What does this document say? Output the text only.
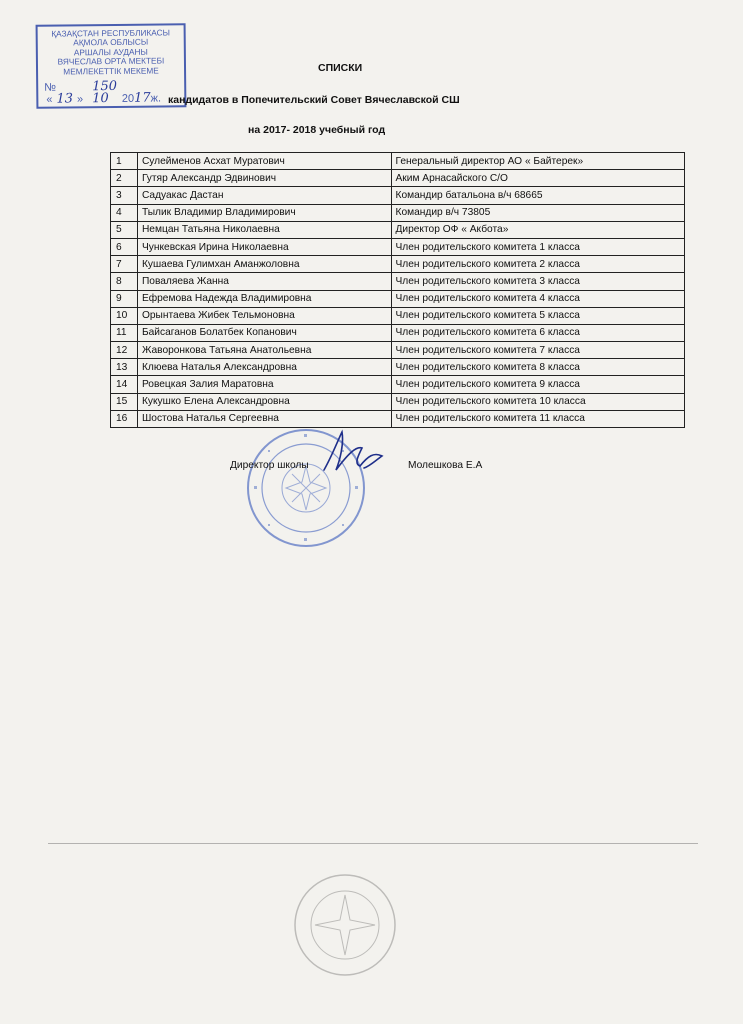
ҚАЗАҚСТАН РЕСПУБЛИКАСЫ
АҚМОЛА ОБЛЫСЫ
АРШАЛЫ АУДАНЫ
ВЯЧЕСЛАВ ОРТА МЕКТЕБІ
МЕМЛЕКЕТТІК МЕКЕМЕ
№	150
« 13 » 10 2017ж.
СПИСКИ
кандидатов в Попечительский Совет Вячеславской СШ
на 2017- 2018 учебный год
1	Сулейменов Асхат Муратович	Генеральный директор АО « Байтерек»
2	Гутяр Александр Эдвинович	Аким Арнасайского С/О
3	Садуакас Дастан	Командир батальона в/ч 68665
4	Тылик Владимир Владимирович	Командир в/ч 73805
5	Немцан Татьяна Николаевна	Директор ОФ « Акбота»
6	Чункевская Ирина Николаевна	Член родительского комитета 1 класса
7	Кушаева Гулимхан Аманжоловна	Член родительского комитета 2 класса
8	Поваляева Жанна	Член родительского комитета 3 класса
9	Ефремова Надежда Владимировна	Член родительского комитета 4 класса
10	Орынтаева Жибек Тельмоновна	Член родительского комитета 5 класса
11	Байсаганов Болатбек Копанович	Член родительского комитета 6 класса
12	Жаворонкова Татьяна Анатольевна	Член родительского комитета 7 класса
13	Клюева Наталья Александровна	Член родительского комитета 8 класса
14	Ровецкая Залия Маратовна	Член родительского комитета 9 класса
15	Кукушко Елена Александровна	Член родительского комитета 10 класса
16	Шостова Наталья Сергеевна	Член родительского комитета 11 класса
Директор школы	Молешкова Е.А
